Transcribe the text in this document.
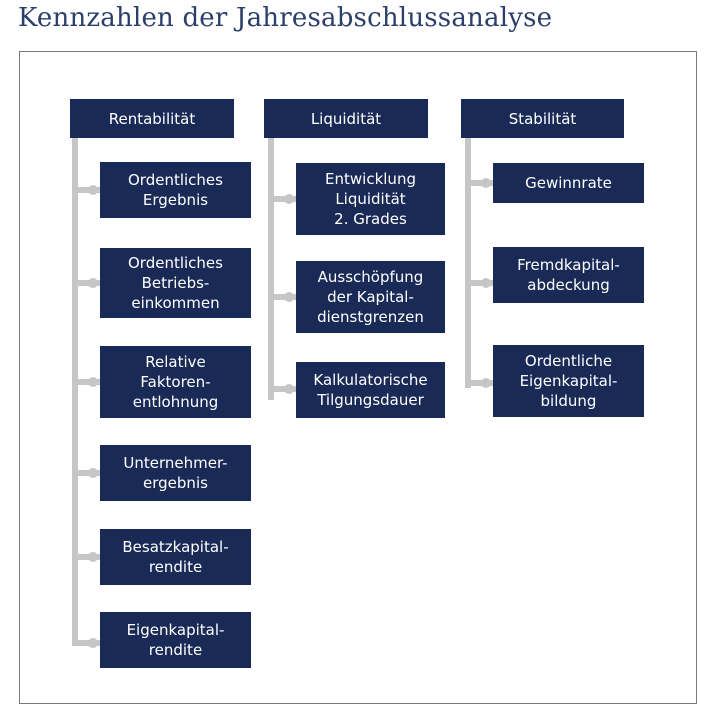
Kennzahlen der Jahresabschlussanalyse
Rentabilität
Ordentliches
Ergebnis
Ordentliches
Betriebs-
einkommen
Relative
Faktoren-
entlohnung
Unternehmer-
ergebnis
Besatzkapital-
rendite
Eigenkapital-
rendite
Liquidität
Entwicklung
Liquidität
2. Grades
Ausschöpfung
der Kapital-
dienstgrenzen
Kalkulatorische
Tilgungsdauer
Stabilität
Gewinnrate
Fremdkapital-
abdeckung
Ordentliche
Eigenkapital-
bildung
